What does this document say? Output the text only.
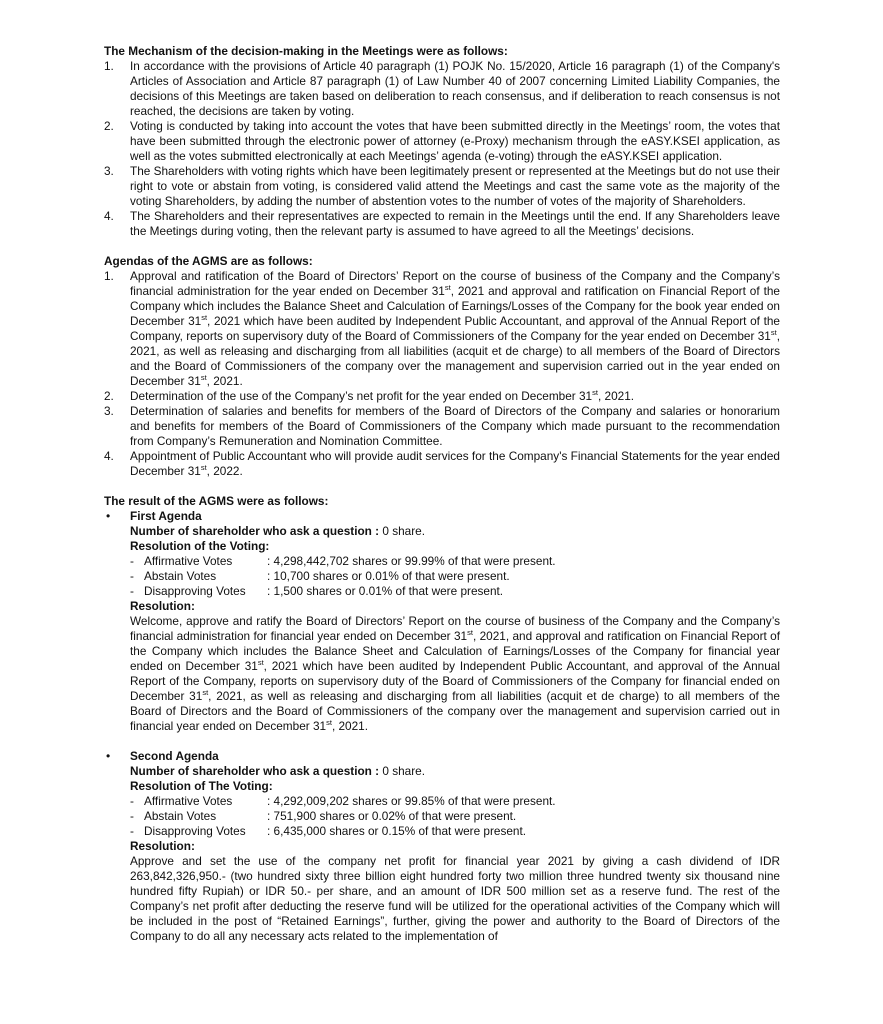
The Mechanism of the decision-making in the Meetings were as follows:
1. In accordance with the provisions of Article 40 paragraph (1) POJK No. 15/2020, Article 16 paragraph (1) of the Company's Articles of Association and Article 87 paragraph (1) of Law Number 40 of 2007 concerning Limited Liability Companies, the decisions of this Meetings are taken based on deliberation to reach consensus, and if deliberation to reach consensus is not reached, the decisions are taken by voting.
2. Voting is conducted by taking into account the votes that have been submitted directly in the Meetings’ room, the votes that have been submitted through the electronic power of attorney (e-Proxy) mechanism through the eASY.KSEI application, as well as the votes submitted electronically at each Meetings’ agenda (e-voting) through the eASY.KSEI application.
3. The Shareholders with voting rights which have been legitimately present or represented at the Meetings but do not use their right to vote or abstain from voting, is considered valid attend the Meetings and cast the same vote as the majority of the voting Shareholders, by adding the number of abstention votes to the number of votes of the majority of Shareholders.
4. The Shareholders and their representatives are expected to remain in the Meetings until the end. If any Shareholders leave the Meetings during voting, then the relevant party is assumed to have agreed to all the Meetings’ decisions.
Agendas of the AGMS are as follows:
1. Approval and ratification of the Board of Directors’ Report on the course of business of the Company and the Company’s financial administration for the year ended on December 31st, 2021 and approval and ratification on Financial Report of the Company which includes the Balance Sheet and Calculation of Earnings/Losses of the Company for the book year ended on December 31st, 2021 which have been audited by Independent Public Accountant, and approval of the Annual Report of the Company, reports on supervisory duty of the Board of Commissioners of the Company for the year ended on December 31st, 2021, as well as releasing and discharging from all liabilities (acquit et de charge) to all members of the Board of Directors and the Board of Commissioners of the company over the management and supervision carried out in the year ended on December 31st, 2021.
2. Determination of the use of the Company’s net profit for the year ended on December 31st, 2021.
3. Determination of salaries and benefits for members of the Board of Directors of the Company and salaries or honorarium and benefits for members of the Board of Commissioners of the Company which made pursuant to the recommendation from Company’s Remuneration and Nomination Committee.
4. Appointment of Public Accountant who will provide audit services for the Company's Financial Statements for the year ended December 31st, 2022.
The result of the AGMS were as follows:
• First Agenda
Number of shareholder who ask a question : 0 share.
Resolution of the Voting:
- Affirmative Votes	: 4,298,442,702 shares or 99.99% of that were present.
- Abstain Votes	: 10,700 shares or 0.01% of that were present.
- Disapproving Votes	: 1,500 shares or 0.01% of that were present.
Resolution:
Welcome, approve and ratify the Board of Directors’ Report on the course of business of the Company and the Company’s financial administration for financial year ended on December 31st, 2021, and approval and ratification on Financial Report of the Company which includes the Balance Sheet and Calculation of Earnings/Losses of the Company for financial year ended on December 31st, 2021 which have been audited by Independent Public Accountant, and approval of the Annual Report of the Company, reports on supervisory duty of the Board of Commissioners of the Company for financial ended on December 31st, 2021, as well as releasing and discharging from all liabilities (acquit et de charge) to all members of the Board of Directors and the Board of Commissioners of the company over the management and supervision carried out in financial year ended on December 31st, 2021.
• Second Agenda
Number of shareholder who ask a question : 0 share.
Resolution of The Voting:
- Affirmative Votes	: 4,292,009,202 shares or 99.85% of that were present.
- Abstain Votes	: 751,900 shares or 0.02% of that were present.
- Disapproving Votes	: 6,435,000 shares or 0.15% of that were present.
Resolution:
Approve and set the use of the company net profit for financial year 2021 by giving a cash dividend of IDR 263,842,326,950.- (two hundred sixty three billion eight hundred forty two million three hundred twenty six thousand nine hundred fifty Rupiah) or IDR 50.- per share, and an amount of IDR 500 million set as a reserve fund. The rest of the Company’s net profit after deducting the reserve fund will be utilized for the operational activities of the Company which will be included in the post of “Retained Earnings”, further, giving the power and authority to the Board of Directors of the Company to do all any necessary acts related to the implementation of
